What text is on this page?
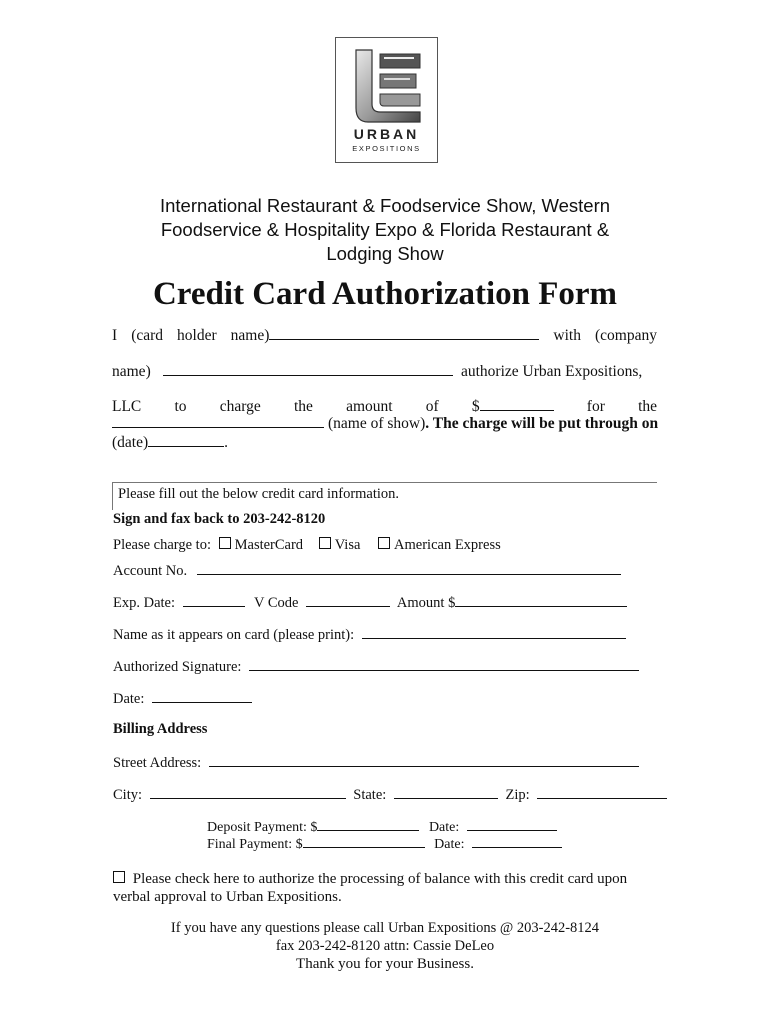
URBAN
EXPOSITIONS
International Restaurant & Foodservice Show, Western
Foodservice & Hospitality Expo & Florida Restaurant &
Lodging Show
Credit Card Authorization Form
I (card holder name)	with (company
name)	authorize Urban Expositions,
LLC to charge the amount of $	for the
(name of show). The charge will be put through on
(date)	.
Please fill out the below credit card information.
Sign and fax back to 203-242-8120
Please charge to: MasterCard Visa American Express
Account No.
Exp. Date:	V Code	Amount $
Name as it appears on card (please print):
Authorized Signature:
Date:
Billing Address
Street Address:
City:	State:	Zip:
Deposit Payment: $	Date:
Final Payment: $	Date:
Please check here to authorize the processing of balance with this credit card upon
verbal approval to Urban Expositions.
If you have any questions please call Urban Expositions @ 203-242-8124
fax 203-242-8120 attn: Cassie DeLeo
Thank you for your Business.
